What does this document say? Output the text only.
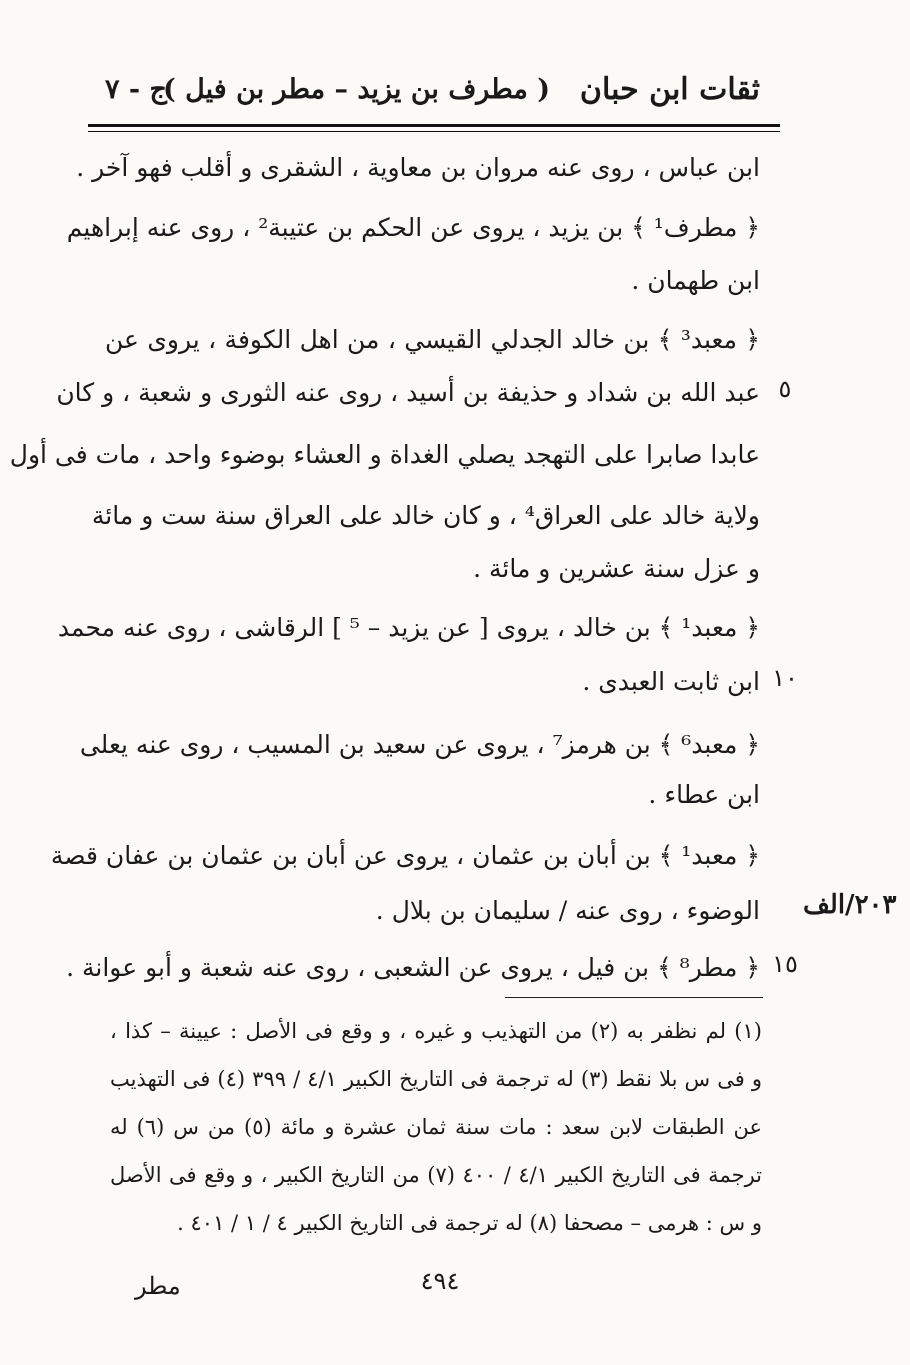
ثقات ابن حبان
( مطرف بن يزيد – مطر بن فيل )
ج - ٧
ابن عباس ، روى عنه مروان بن معاوية ، الشقرى و أقلب فهو آخر .
﴿ مطرف¹ ﴾ بن يزيد ، يروى عن الحكم بن عتيبة² ، روى عنه إبراهيم
ابن طهمان .
﴿ معبد³ ﴾ بن خالد الجدلي القيسي ، من اهل الكوفة ، يروى عن
عبد الله بن شداد و حذيفة بن أسيد ، روى عنه الثورى و شعبة ، و كان
عابدا صابرا على التهجد يصلي الغداة و العشاء بوضوء واحد ، مات فى أول
ولاية خالد على العراق⁴ ، و كان خالد على العراق سنة ست و مائة
و عزل سنة عشرين و مائة .
﴿ معبد¹ ﴾ بن خالد ، يروى [ عن يزيد – ⁵ ] الرقاشى ، روى عنه محمد
ابن ثابت العبدى .
﴿ معبد⁶ ﴾ بن هرمز⁷ ، يروى عن سعيد بن المسيب ، روى عنه يعلى
ابن عطاء .
﴿ معبد¹ ﴾ بن أبان بن عثمان ، يروى عن أبان بن عثمان بن عفان قصة
الوضوء ، روى عنه / سليمان بن بلال .
﴿ مطر⁸ ﴾ بن فيل ، يروى عن الشعبى ، روى عنه شعبة و أبو عوانة .
٥
١٠
١٥
٢٠٣/الف
(١) لم نظفر به (٢) من التهذيب و غيره ، و وقع فى الأصل : عيينة – كذا ،
و فى س بلا نقط (٣) له ترجمة فى التاريخ الكبير ٤/١ / ٣٩٩ (٤) فى التهذيب
عن الطبقات لابن سعد : مات سنة ثمان عشرة و مائة (٥) من س (٦) له
ترجمة فى التاريخ الكبير ٤/١ / ٤٠٠ (٧) من التاريخ الكبير ، و وقع فى الأصل
و س : هرمى – مصحفا (٨) له ترجمة فى التاريخ الكبير ٤ / ١ / ٤٠١ .
٤٩٤
مطر
